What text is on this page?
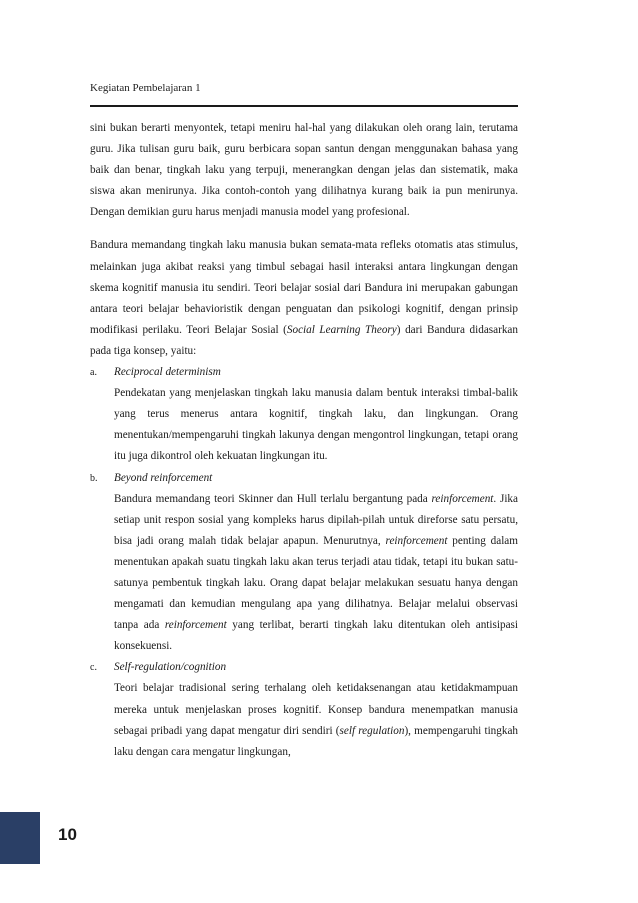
Kegiatan Pembelajaran 1

sini bukan berarti menyontek, tetapi meniru hal-hal yang dilakukan oleh orang lain, terutama guru. Jika tulisan guru baik, guru berbicara sopan santun dengan menggunakan bahasa yang baik dan benar, tingkah laku yang terpuji, menerangkan dengan jelas dan sistematik, maka siswa akan menirunya. Jika contoh-contoh yang dilihatnya kurang baik ia pun menirunya. Dengan demikian guru harus menjadi manusia model yang profesional.

Bandura memandang tingkah laku manusia bukan semata-mata refleks otomatis atas stimulus, melainkan juga akibat reaksi yang timbul sebagai hasil interaksi antara lingkungan dengan skema kognitif manusia itu sendiri. Teori belajar sosial dari Bandura ini merupakan gabungan antara teori belajar behavioristik dengan penguatan dan psikologi kognitif, dengan prinsip modifikasi perilaku. Teori Belajar Sosial (Social Learning Theory) dari Bandura didasarkan pada tiga konsep, yaitu:

a.	Reciprocal determinism

Pendekatan yang menjelaskan tingkah laku manusia dalam bentuk interaksi timbal-balik yang terus menerus antara kognitif, tingkah laku, dan lingkungan. Orang menentukan/mempengaruhi tingkah lakunya dengan mengontrol lingkungan, tetapi orang itu juga dikontrol oleh kekuatan lingkungan itu.

b.	Beyond reinforcement

Bandura memandang teori Skinner dan Hull terlalu bergantung pada reinforcement. Jika setiap unit respon sosial yang kompleks harus dipilah-pilah untuk direforse satu persatu, bisa jadi orang malah tidak belajar apapun. Menurutnya, reinforcement penting dalam menentukan apakah suatu tingkah laku akan terus terjadi atau tidak, tetapi itu bukan satu-satunya pembentuk tingkah laku. Orang dapat belajar melakukan sesuatu hanya dengan mengamati dan kemudian mengulang apa yang dilihatnya. Belajar melalui observasi tanpa ada reinforcement yang terlibat, berarti tingkah laku ditentukan oleh antisipasi konsekuensi.

c.	Self-regulation/cognition

Teori belajar tradisional sering terhalang oleh ketidaksenangan atau ketidakmampuan mereka untuk menjelaskan proses kognitif. Konsep bandura menempatkan manusia sebagai pribadi yang dapat mengatur diri sendiri (self regulation), mempengaruhi tingkah laku dengan cara mengatur lingkungan,

10
